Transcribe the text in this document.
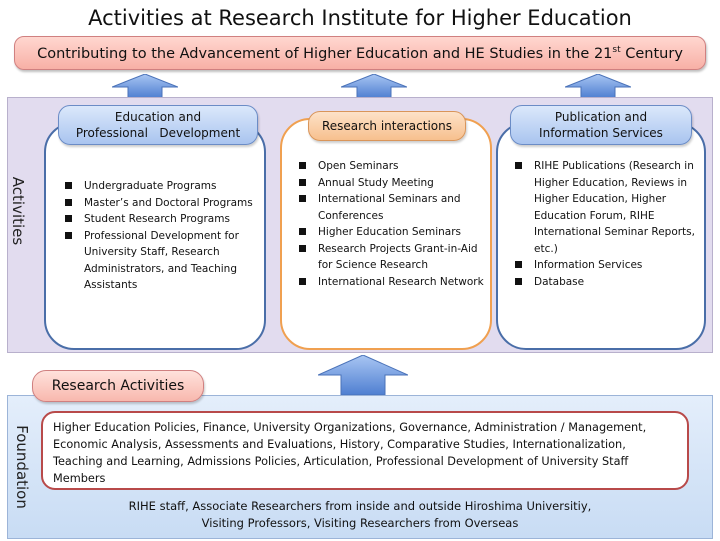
Activities at Research Institute for Higher Education
Contributing to the Advancement of Higher Education and HE Studies in the 21st Century
Activities	Undergraduate Programs
Master’s and Doctoral Programs
Student Research Programs
Professional Development for University Staff, Research Administrators, and Teaching Assistants
Education and
Professional   Development
Open Seminars
Annual Study Meeting
International Seminars and Conferences
Higher Education Seminars
Research Projects Grant-in-Aid for Science Research
International Research Network
Research interactions
RIHE Publications (Research in Higher Education, Reviews in Higher Education, Higher Education Forum, RIHE International Seminar Reports, etc.)
Information Services
Database
Publication and
Information Services
Foundation	Higher Education Policies, Finance, University Organizations, Governance, Administration / Management, Economic Analysis, Assessments and Evaluations, History, Comparative Studies, Internationalization, Teaching and Learning, Admissions Policies, Articulation, Professional Development of University Staff Members
RIHE staff, Associate Researchers from inside and outside Hiroshima Universitiy,
Visiting Professors, Visiting Researchers from Overseas
Research Activities
